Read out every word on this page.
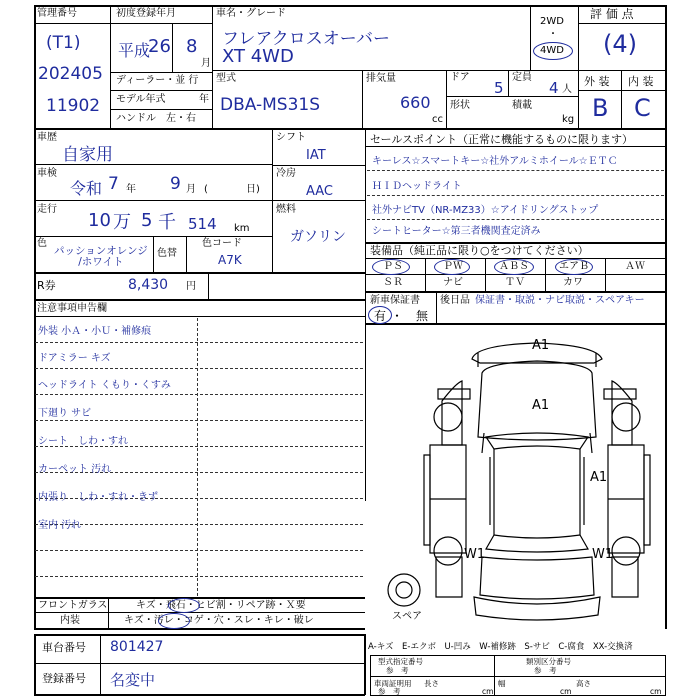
管理番号
(T1)
202405
11902
初度登録年月
平成
26 8
月
ディーラー・並 行
モデル年式	年
ハンドル　左・右
車名・グレード
フレアクロスオーバー
XT 4WD
2WD
・
4WD
型式
DBA-MS31S
排気量
660
cc
ドア
5
定員
4 人
形状	積載
kg
評 価 点
(4)
外 装 内 装
B C
車歴
自家用
車検
令和 7 年 9 月 (	日)
走行
10 万 5 千 514 km
色
パッションオレンジ
/ホワイト
色替
色コード
A7K
シフト
IAT
冷房
AAC
燃料
ガソリン
R券	8,430 円
セールスポイント（正常に機能するものに限ります）
キーレス☆スマートキー☆社外アルミホイール☆ＥＴＣ
ＨＩＤヘッドライト
社外ナビTV（NR-MZ33）☆アイドリングストップ
シートヒーター☆第三者機関査定済み
装備品（純正品に限り○をつけてください）
ＰＳ	ＰＷ	ＡＢＳ	エアＢ	ＡＷ
ＳＲ	ナビ	ＴＶ	カワ
新車保証書
有 ・ 無
後日品 保証書・取説・ナビ取説・スペアキー
注意事項申告欄
外装 小Ａ・小Ｕ・補修痕
ドアミラー キズ
ヘッドライト くもり・くすみ
下廻り サビ
シート　しわ・すれ
カーペット 汚れ
内張り　しわ・すれ・きず
室内 汚れ
フロントガラス	キズ・飛石・ヒビ割・リペア跡・Ｘ要
内装	キズ・汚レ・コゲ・穴・スレ・キレ・破レ
車台番号 801427
登録番号 名変中
A1
A1
A1
W1	W1
スペア
A-キズ　E-エクボ　U-凹み　W-補修跡　S-サビ　C-腐食　XX-交換済
型式指定番号
参　考
類別区分番号
参　考
車両証明用
参　考
長さ
cm
幅
cm
高さ
cm
